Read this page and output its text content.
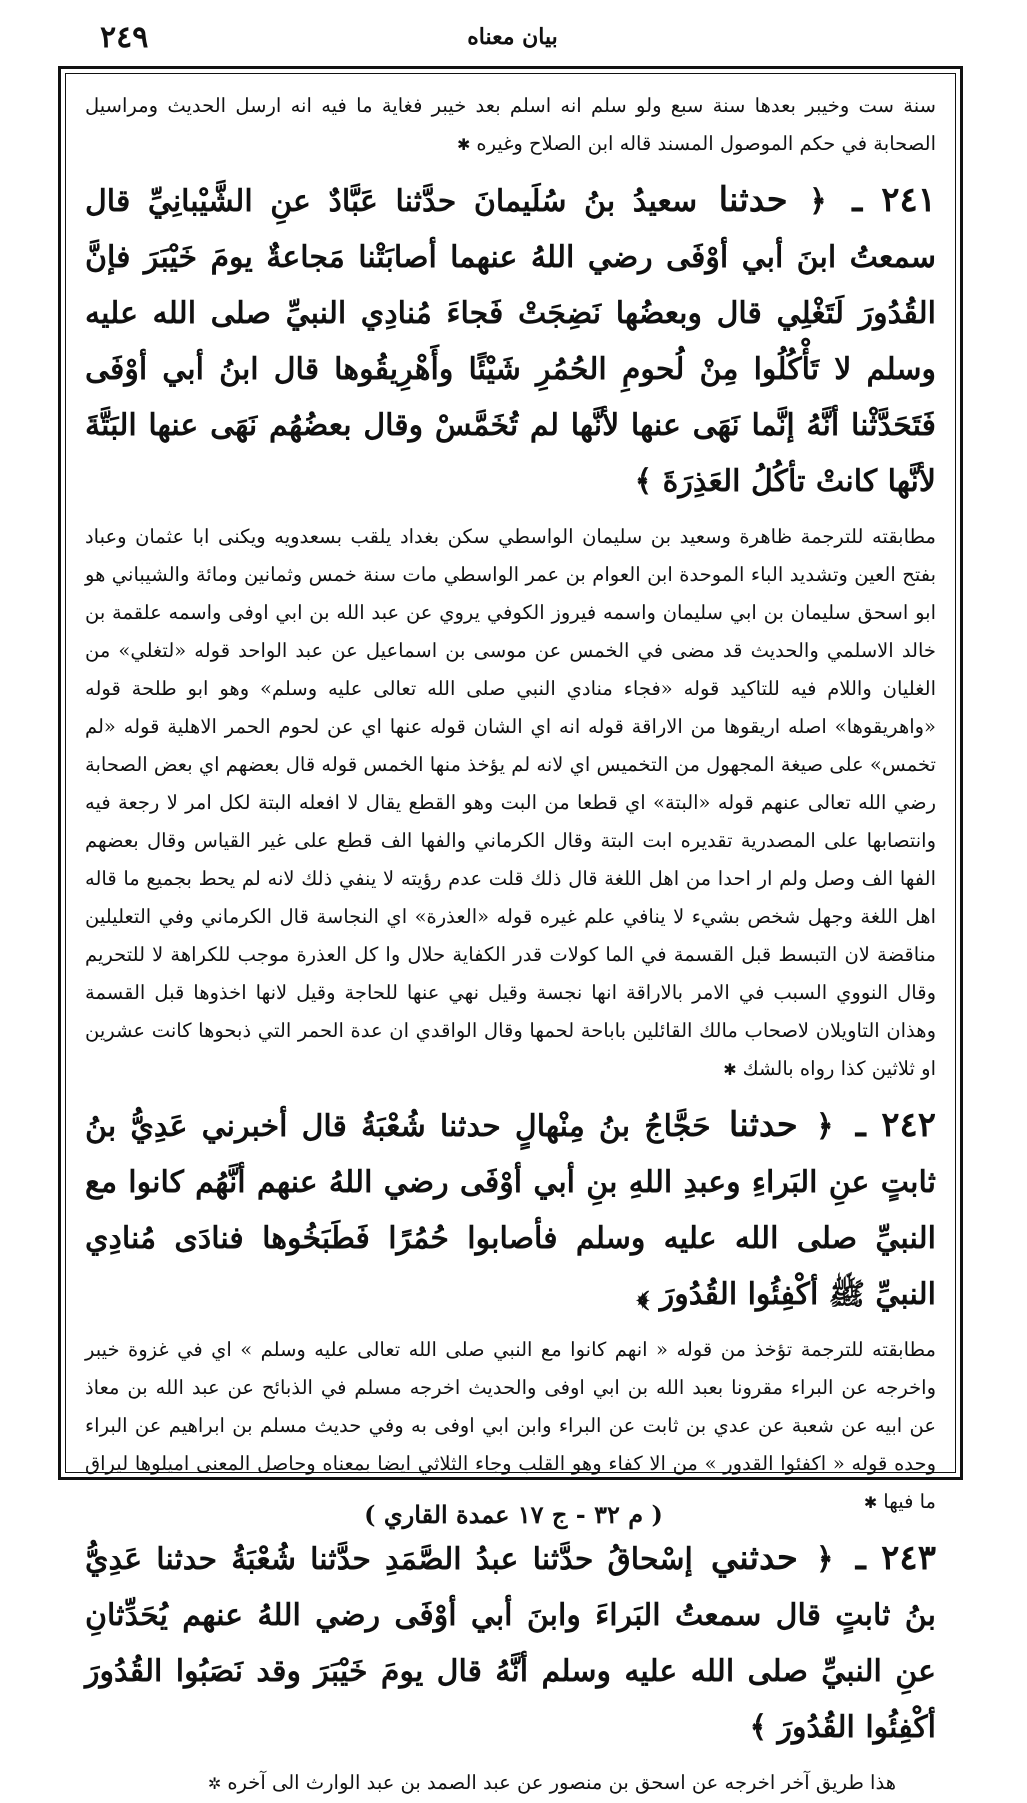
٢٤٩	بيان معناه

سنة ست وخيبر بعدها سنة سبع ولو سلم انه اسلم بعد خيبر فغاية ما فيه انه ارسل الحديث ومراسيل الصحابة في حكم الموصول المسند قاله ابن الصلاح وغيره✱

٢٤١ ـ ﴿ حدثنا سعيدُ بنُ سُلَيمانَ حدَّثنا عَبَّادٌ عنِ الشَّيْبانِيِّ قال سمعتُ ابنَ أبي أوْفَى رضي اللهُ عنهما أصابَتْنا مَجاعةٌ يومَ خَيْبَرَ فإنَّ القُدُورَ لَتَغْلِي قال وبعضُها نَضِجَتْ فَجاءَ مُنادِي النبيِّ صلى الله عليه وسلم لا تَأْكُلُوا مِنْ لُحومِ الحُمُرِ شَيْئًا وأَهْرِيقُوها قال ابنُ أبي أوْفَى فَتَحَدَّثْنا أنَّهُ إنَّما نَهَى عنها لأنَّها لم تُخَمَّسْ وقال بعضُهُم نَهَى عنها البَتَّةَ لأنَّها كانتْ تأكُلُ العَذِرَةَ ﴾

مطابقته للترجمة ظاهرة وسعيد بن سليمان الواسطي سكن بغداد يلقب بسعدويه ويكنى ابا عثمان وعباد بفتح العين وتشديد الباء الموحدة ابن العوام بن عمر الواسطي مات سنة خمس وثمانين ومائة والشيباني هو ابو اسحق سليمان بن ابي سليمان واسمه فيروز الكوفي يروي عن عبد الله بن ابي اوفى واسمه علقمة بن خالد الاسلمي والحديث قد مضى في الخمس عن موسى بن اسماعيل عن عبد الواحد قوله «لتغلي» من الغليان واللام فيه للتاكيد قوله «فجاء منادي النبي صلى الله تعالى عليه وسلم» وهو ابو طلحة قوله «واهريقوها» اصله اريقوها من الاراقة قوله انه اي الشان قوله عنها اي عن لحوم الحمر الاهلية قوله «لم تخمس» على صيغة المجهول من التخميس اي لانه لم يؤخذ منها الخمس قوله قال بعضهم اي بعض الصحابة رضي الله تعالى عنهم قوله «البتة» اي قطعا من البت وهو القطع يقال لا افعله البتة لكل امر لا رجعة فيه وانتصابها على المصدرية تقديره ابت البتة وقال الكرماني والفها الف قطع على غير القياس وقال بعضهم الفها الف وصل ولم ار احدا من اهل اللغة قال ذلك قلت عدم رؤيته لا ينفي ذلك لانه لم يحط بجميع ما قاله اهل اللغة وجهل شخص بشيء لا ينافي علم غيره قوله «العذرة» اي النجاسة قال الكرماني وفي التعليلين مناقضة لان التبسط قبل القسمة في الما كولات قدر الكفاية حلال وا كل العذرة موجب للكراهة لا للتحريم وقال النووي السبب في الامر بالاراقة انها نجسة وقيل نهي عنها للحاجة وقيل لانها اخذوها قبل القسمة وهذان التاويلان لاصحاب مالك القائلين باباحة لحمها وقال الواقدي ان عدة الحمر التي ذبحوها كانت عشرين او ثلاثين كذا رواه بالشك✱

٢٤٢ ـ ﴿ حدثنا حَجَّاجُ بنُ مِنْهالٍ حدثنا شُعْبَةُ قال أخبرني عَدِيُّ بنُ ثابتٍ عنِ البَراءِ وعبدِ اللهِ بنِ أبي أوْفَى رضي اللهُ عنهم أنَّهُم كانوا مع النبيِّ صلى الله عليه وسلم فأصابوا حُمُرًا فَطَبَخُوها فنادَى مُنادِي النبيِّ ﷺ أكْفِئُوا القُدُورَ ﴾

مطابقته للترجمة تؤخذ من قوله « انهم كانوا مع النبي صلى الله تعالى عليه وسلم » اي في غزوة خيبر واخرجه عن البراء مقرونا بعبد الله بن ابي اوفى والحديث اخرجه مسلم في الذبائح عن عبد الله بن معاذ عن ابيه عن شعبة عن عدي بن ثابت عن البراء وابن ابي اوفى به وفي حديث مسلم بن ابراهيم عن البراء وحده قوله « اكفئوا القدور » من الا كفاء وهو القلب وجاء الثلاثي ايضا بمعناه وحاصل المعنى اميلوها ليراق ما فيها✱

٢٤٣ ـ ﴿ حدثني إسْحاقُ حدَّثنا عبدُ الصَّمَدِ حدَّثنا شُعْبَةُ حدثنا عَدِيُّ بنُ ثابتٍ قال سمعتُ البَراءَ وابنَ أبي أوْفَى رضي اللهُ عنهم يُحَدِّثانِ عنِ النبيِّ صلى الله عليه وسلم أنَّهُ قال يومَ خَيْبَرَ وقد نَصَبُوا القُدُورَ أكْفِئُوا القُدُورَ ﴾

هذا طريق آخر اخرجه عن اسحق بن منصور عن عبد الصمد بن عبد الوارث الى آخره✲

( م ٣٢ - ج ١٧ عمدة القاري )
